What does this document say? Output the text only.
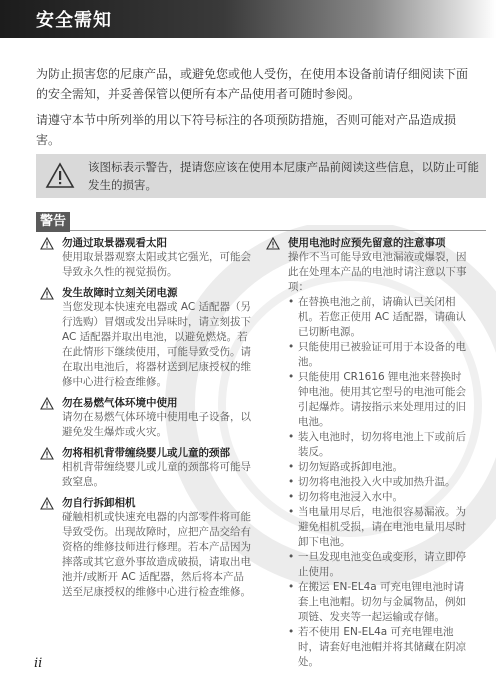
安全需知
为防止损害您的尼康产品，或避免您或他人受伤，在使用本设备前请仔细阅读下面的安全需知，并妥善保管以便所有本产品使用者可随时参阅。
请遵守本节中所列举的用以下符号标注的各项预防措施，否则可能对产品造成损害。
该图标表示警告，提请您应该在使用本尼康产品前阅读这些信息，以防止可能发生的损害。
警告
勿通过取景器观看太阳
使用取景器观察太阳或其它强光，可能会导致永久性的视觉损伤。
发生故障时立刻关闭电源
当您发现本快速充电器或 AC 适配器（另行选购）冒烟或发出异味时，请立刻拔下 AC 适配器并取出电池，以避免燃烧。若在此情形下继续使用，可能导致受伤。请在取出电池后，将器材送到尼康授权的维修中心进行检查维修。
勿在易燃气体环境中使用
请勿在易燃气体环境中使用电子设备，以避免发生爆炸或火灾。
勿将相机背带缠绕婴儿或儿童的颈部
相机背带缠绕婴儿或儿童的颈部将可能导致窒息。
勿自行拆卸相机
碰触相机或快速充电器的内部零件将可能导致受伤。出现故障时，应把产品交给有资格的维修技师进行修理。若本产品因为摔落或其它意外事故造成破损，请取出电池并/或断开 AC 适配器，然后将本产品送至尼康授权的维修中心进行检查维修。
使用电池时应预先留意的注意事项
操作不当可能导致电池漏液或爆裂，因此在处理本产品的电池时请注意以下事项：
• 在替换电池之前，请确认已关闭相机。若您正使用 AC 适配器，请确认已切断电源。
• 只能使用已被验证可用于本设备的电池。
• 只能使用 CR1616 锂电池来替换时钟电池。使用其它型号的电池可能会引起爆炸。请按指示来处理用过的旧电池。
• 装入电池时，切勿将电池上下或前后装反。
• 切勿短路或拆卸电池。
• 切勿将电池投入火中或加热升温。
• 切勿将电池浸入水中。
• 当电量用尽后，电池很容易漏液。为避免相机受损，请在电池电量用尽时卸下电池。
• 一旦发现电池变色或变形，请立即停止使用。
• 在搬运 EN-EL4a 可充电锂电池时请套上电池帽。切勿与金属物品，例如项链、发夹等一起运输或存储。
• 若不使用 EN-EL4a 可充电锂电池时，请套好电池帽并将其储藏在阴凉处。
ii
